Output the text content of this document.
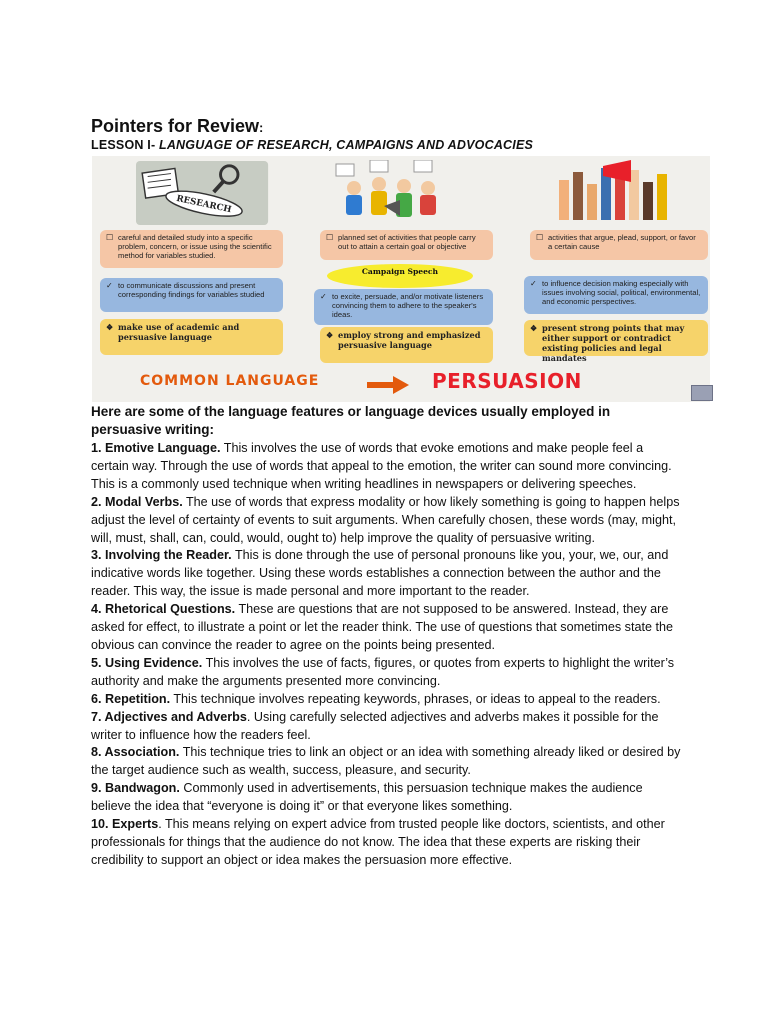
Pointers for Review:
LESSON I- LANGUAGE OF RESEARCH, CAMPAIGNS AND ADVOCACIES
RESEARCH
☐ careful and detailed study into a specific problem, concern, or issue using the scientific method for variables studied.
✓ to communicate discussions and present corresponding findings for variables studied
❖ make use of academic and persuasive language
☐ planned set of activities that people carry out to attain a certain goal or objective
✓ to excite, persuade, and/or motivate listeners convincing them to adhere to the speaker's ideas.
❖ employ strong and emphasized persuasive language
Campaign Speech
☐ activities that argue, plead, support, or favor a certain cause
✓ to influence decision making especially with issues involving social, political, environmental, and economic perspectives.
❖ present strong points that may either support or contradict existing policies and legal mandates
COMMON LANGUAGE	PERSUASION
Here are some of the language features or language devices usually employed in persuasive writing:
1. Emotive Language. This involves the use of words that evoke emotions and make people feel a certain way. Through the use of words that appeal to the emotion, the writer can sound more convincing. This is a commonly used technique when writing headlines in newspapers or delivering speeches.
2. Modal Verbs. The use of words that express modality or how likely something is going to happen helps adjust the level of certainty of events to suit arguments. When carefully chosen, these words (may, might, will, must, shall, can, could, would, ought to) help improve the quality of persuasive writing.
3. Involving the Reader. This is done through the use of personal pronouns like you, your, we, our, and indicative words like together. Using these words establishes a connection between the author and the reader. This way, the issue is made personal and more important to the reader.
4. Rhetorical Questions. These are questions that are not supposed to be answered. Instead, they are asked for effect, to illustrate a point or let the reader think. The use of questions that sometimes state the obvious can convince the reader to agree on the points being presented.
5. Using Evidence. This involves the use of facts, figures, or quotes from experts to highlight the writer’s authority and make the arguments presented more convincing.
6. Repetition. This technique involves repeating keywords, phrases, or ideas to appeal to the readers.
7. Adjectives and Adverbs. Using carefully selected adjectives and adverbs makes it possible for the writer to influence how the readers feel.
8. Association. This technique tries to link an object or an idea with something already liked or desired by the target audience such as wealth, success, pleasure, and security.
9. Bandwagon. Commonly used in advertisements, this persuasion technique makes the audience believe the idea that “everyone is doing it” or that everyone likes something.
10. Experts. This means relying on expert advice from trusted people like doctors, scientists, and other professionals for things that the audience do not know. The idea that these experts are risking their credibility to support an object or idea makes the persuasion more effective.
